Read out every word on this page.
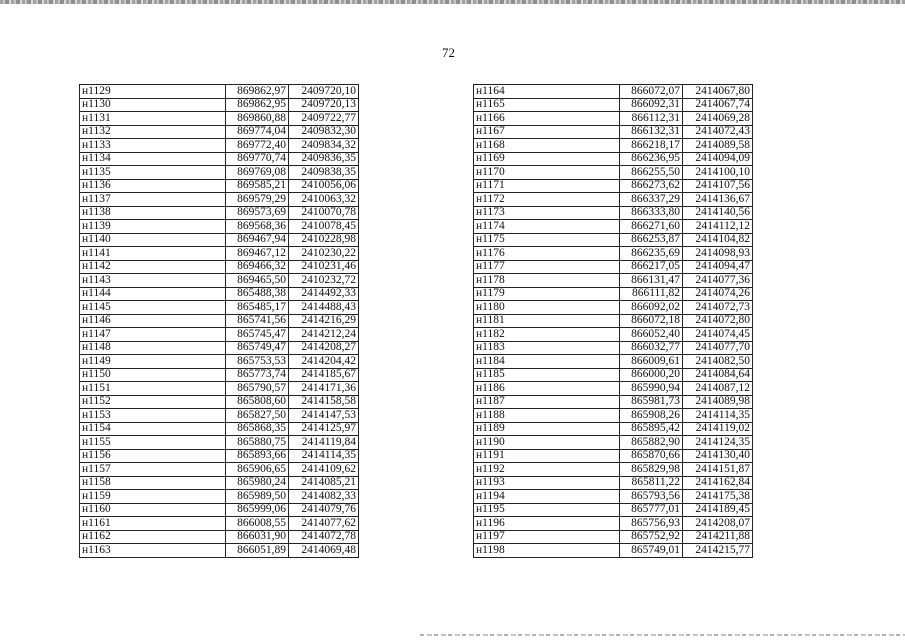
72
н1129	869862,97	2409720,10
н1130	869862,95	2409720,13
н1131	869860,88	2409722,77
н1132	869774,04	2409832,30
н1133	869772,40	2409834,32
н1134	869770,74	2409836,35
н1135	869769,08	2409838,35
н1136	869585,21	2410056,06
н1137	869579,29	2410063,32
н1138	869573,69	2410070,78
н1139	869568,36	2410078,45
н1140	869467,94	2410228,98
н1141	869467,12	2410230,22
н1142	869466,32	2410231,46
н1143	869465,50	2410232,72
н1144	865488,38	2414492,33
н1145	865485,17	2414488,43
н1146	865741,56	2414216,29
н1147	865745,47	2414212,24
н1148	865749,47	2414208,27
н1149	865753,53	2414204,42
н1150	865773,74	2414185,67
н1151	865790,57	2414171,36
н1152	865808,60	2414158,58
н1153	865827,50	2414147,53
н1154	865868,35	2414125,97
н1155	865880,75	2414119,84
н1156	865893,66	2414114,35
н1157	865906,65	2414109,62
н1158	865980,24	2414085,21
н1159	865989,50	2414082,33
н1160	865999,06	2414079,76
н1161	866008,55	2414077,62
н1162	866031,90	2414072,78
н1163	866051,89	2414069,48
н1164	866072,07	2414067,80
н1165	866092,31	2414067,74
н1166	866112,31	2414069,28
н1167	866132,31	2414072,43
н1168	866218,17	2414089,58
н1169	866236,95	2414094,09
н1170	866255,50	2414100,10
н1171	866273,62	2414107,56
н1172	866337,29	2414136,67
н1173	866333,80	2414140,56
н1174	866271,60	2414112,12
н1175	866253,87	2414104,82
н1176	866235,69	2414098,93
н1177	866217,05	2414094,47
н1178	866131,47	2414077,36
н1179	866111,82	2414074,26
н1180	866092,02	2414072,73
н1181	866072,18	2414072,80
н1182	866052,40	2414074,45
н1183	866032,77	2414077,70
н1184	866009,61	2414082,50
н1185	866000,20	2414084,64
н1186	865990,94	2414087,12
н1187	865981,73	2414089,98
н1188	865908,26	2414114,35
н1189	865895,42	2414119,02
н1190	865882,90	2414124,35
н1191	865870,66	2414130,40
н1192	865829,98	2414151,87
н1193	865811,22	2414162,84
н1194	865793,56	2414175,38
н1195	865777,01	2414189,45
н1196	865756,93	2414208,07
н1197	865752,92	2414211,88
н1198	865749,01	2414215,77
